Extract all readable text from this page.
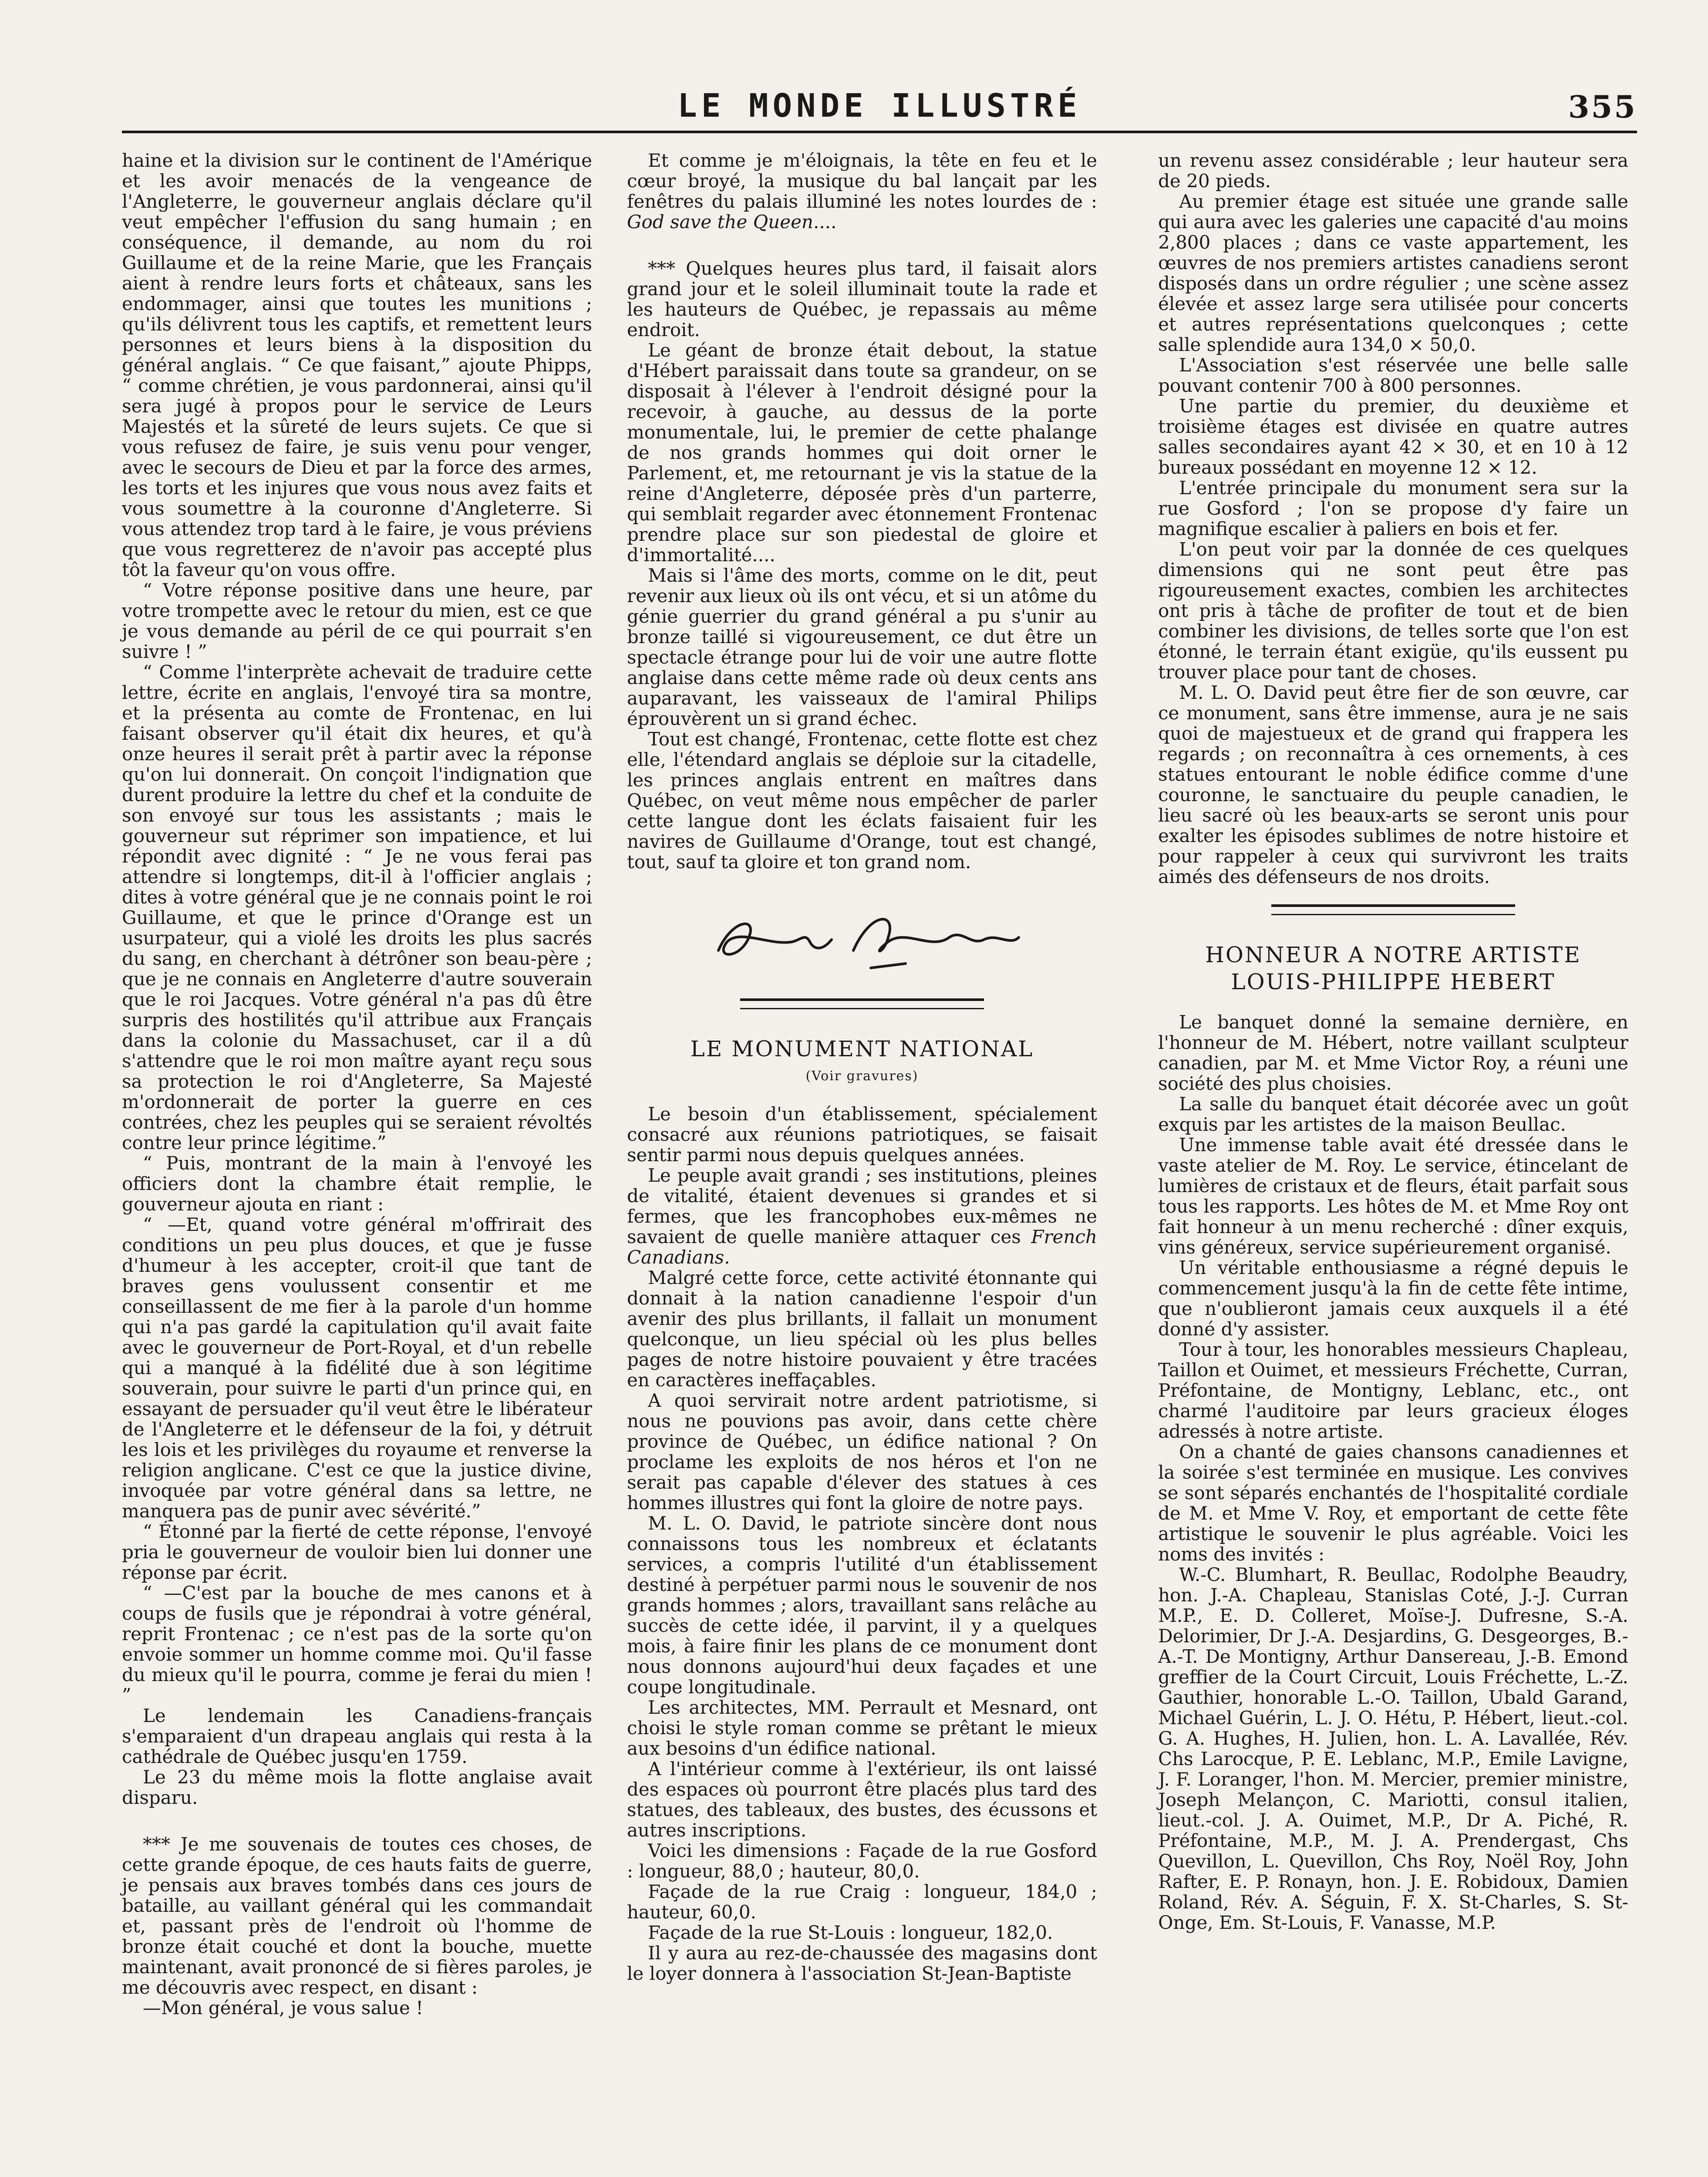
LE MONDE ILLUSTRÉ	355

haine et la division sur le continent de l'Amérique et les avoir menacés de la vengeance de l'Angleterre, le gouverneur anglais déclare qu'il veut empêcher l'effusion du sang humain ; en conséquence, il demande, au nom du roi Guillaume et de la reine Marie, que les Français aient à rendre leurs forts et châteaux, sans les endommager, ainsi que toutes les munitions ; qu'ils délivrent tous les captifs, et remettent leurs personnes et leurs biens à la disposition du général anglais. “ Ce que faisant,” ajoute Phipps, “ comme chrétien, je vous pardonnerai, ainsi qu'il sera jugé à propos pour le service de Leurs Majestés et la sûreté de leurs sujets. Ce que si vous refusez de faire, je suis venu pour venger, avec le secours de Dieu et par la force des armes, les torts et les injures que vous nous avez faits et vous soumettre à la couronne d'Angleterre. Si vous attendez trop tard à le faire, je vous préviens que vous regretterez de n'avoir pas accepté plus tôt la faveur qu'on vous offre.

“ Votre réponse positive dans une heure, par votre trompette avec le retour du mien, est ce que je vous demande au péril de ce qui pourrait s'en suivre ! ”

“ Comme l'interprète achevait de traduire cette lettre, écrite en anglais, l'envoyé tira sa montre, et la présenta au comte de Frontenac, en lui faisant observer qu'il était dix heures, et qu'à onze heures il serait prêt à partir avec la réponse qu'on lui donnerait. On conçoit l'indignation que durent produire la lettre du chef et la conduite de son envoyé sur tous les assistants ; mais le gouverneur sut réprimer son impatience, et lui répondit avec dignité : “ Je ne vous ferai pas attendre si longtemps, dit-il à l'officier anglais ; dites à votre général que je ne connais point le roi Guillaume, et que le prince d'Orange est un usurpateur, qui a violé les droits les plus sacrés du sang, en cherchant à détrôner son beau-père ; que je ne connais en Angleterre d'autre souverain que le roi Jacques. Votre général n'a pas dû être surpris des hostilités qu'il attribue aux Français dans la colonie du Massachuset, car il a dû s'attendre que le roi mon maître ayant reçu sous sa protection le roi d'Angleterre, Sa Majesté m'ordonnerait de porter la guerre en ces contrées, chez les peuples qui se seraient révoltés contre leur prince légitime.”

“ Puis, montrant de la main à l'envoyé les officiers dont la chambre était remplie, le gouverneur ajouta en riant :

“ —Et, quand votre général m'offrirait des conditions un peu plus douces, et que je fusse d'humeur à les accepter, croit-il que tant de braves gens voulussent consentir et me conseillassent de me fier à la parole d'un homme qui n'a pas gardé la capitulation qu'il avait faite avec le gouverneur de Port-Royal, et d'un rebelle qui a manqué à la fidélité due à son légitime souverain, pour suivre le parti d'un prince qui, en essayant de persuader qu'il veut être le libérateur de l'Angleterre et le défenseur de la foi, y détruit les lois et les privilèges du royaume et renverse la religion anglicane. C'est ce que la justice divine, invoquée par votre général dans sa lettre, ne manquera pas de punir avec sévérité.”

“ Étonné par la fierté de cette réponse, l'envoyé pria le gouverneur de vouloir bien lui donner une réponse par écrit.

“ —C'est par la bouche de mes canons et à coups de fusils que je répondrai à votre général, reprit Frontenac ; ce n'est pas de la sorte qu'on envoie sommer un homme comme moi. Qu'il fasse du mieux qu'il le pourra, comme je ferai du mien ! ”

Le lendemain les Canadiens-français s'emparaient d'un drapeau anglais qui resta à la cathédrale de Québec jusqu'en 1759.

Le 23 du même mois la flotte anglaise avait disparu.

*** Je me souvenais de toutes ces choses, de cette grande époque, de ces hauts faits de guerre, je pensais aux braves tombés dans ces jours de bataille, au vaillant général qui les commandait et, passant près de l'endroit où l'homme de bronze était couché et dont la bouche, muette maintenant, avait prononcé de si fières paroles, je me découvris avec respect, en disant :

—Mon général, je vous salue !

Et comme je m'éloignais, la tête en feu et le cœur broyé, la musique du bal lançait par les fenêtres du palais illuminé les notes lourdes de : God save the Queen....

*** Quelques heures plus tard, il faisait alors grand jour et le soleil illuminait toute la rade et les hauteurs de Québec, je repassais au même endroit.

Le géant de bronze était debout, la statue d'Hébert paraissait dans toute sa grandeur, on se disposait à l'élever à l'endroit désigné pour la recevoir, à gauche, au dessus de la porte monumentale, lui, le premier de cette phalange de nos grands hommes qui doit orner le Parlement, et, me retournant je vis la statue de la reine d'Angleterre, déposée près d'un parterre, qui semblait regarder avec étonnement Frontenac prendre place sur son piedestal de gloire et d'immortalité....

Mais si l'âme des morts, comme on le dit, peut revenir aux lieux où ils ont vécu, et si un atôme du génie guerrier du grand général a pu s'unir au bronze taillé si vigoureusement, ce dut être un spectacle étrange pour lui de voir une autre flotte anglaise dans cette même rade où deux cents ans auparavant, les vaisseaux de l'amiral Philips éprouvèrent un si grand échec.

Tout est changé, Frontenac, cette flotte est chez elle, l'étendard anglais se déploie sur la citadelle, les princes anglais entrent en maîtres dans Québec, on veut même nous empêcher de parler cette langue dont les éclats faisaient fuir les navires de Guillaume d'Orange, tout est changé, tout, sauf ta gloire et ton grand nom.

LE MONUMENT NATIONAL
(Voir gravures)

Le besoin d'un établissement, spécialement consacré aux réunions patriotiques, se faisait sentir parmi nous depuis quelques années.

Le peuple avait grandi ; ses institutions, pleines de vitalité, étaient devenues si grandes et si fermes, que les francophobes eux-mêmes ne savaient de quelle manière attaquer ces French Canadians.

Malgré cette force, cette activité étonnante qui donnait à la nation canadienne l'espoir d'un avenir des plus brillants, il fallait un monument quelconque, un lieu spécial où les plus belles pages de notre histoire pouvaient y être tracées en caractères ineffaçables.

A quoi servirait notre ardent patriotisme, si nous ne pouvions pas avoir, dans cette chère province de Québec, un édifice national ? On proclame les exploits de nos héros et l'on ne serait pas capable d'élever des statues à ces hommes illustres qui font la gloire de notre pays.

M. L. O. David, le patriote sincère dont nous connaissons tous les nombreux et éclatants services, a compris l'utilité d'un établissement destiné à perpétuer parmi nous le souvenir de nos grands hommes ; alors, travaillant sans relâche au succès de cette idée, il parvint, il y a quelques mois, à faire finir les plans de ce monument dont nous donnons aujourd'hui deux façades et une coupe longitudinale.

Les architectes, MM. Perrault et Mesnard, ont choisi le style roman comme se prêtant le mieux aux besoins d'un édifice national.

A l'intérieur comme à l'extérieur, ils ont laissé des espaces où pourront être placés plus tard des statues, des tableaux, des bustes, des écussons et autres inscriptions.

Voici les dimensions : Façade de la rue Gosford : longueur, 88,0 ; hauteur, 80,0.

Façade de la rue Craig : longueur, 184,0 ; hauteur, 60,0.

Façade de la rue St-Louis : longueur, 182,0.

Il y aura au rez-de-chaussée des magasins dont le loyer donnera à l'association St-Jean-Baptiste

un revenu assez considérable ; leur hauteur sera de 20 pieds.

Au premier étage est située une grande salle qui aura avec les galeries une capacité d'au moins 2,800 places ; dans ce vaste appartement, les œuvres de nos premiers artistes canadiens seront disposés dans un ordre régulier ; une scène assez élevée et assez large sera utilisée pour concerts et autres représentations quelconques ; cette salle splendide aura 134,0 × 50,0.

L'Association s'est réservée une belle salle pouvant contenir 700 à 800 personnes.

Une partie du premier, du deuxième et troisième étages est divisée en quatre autres salles secondaires ayant 42 × 30, et en 10 à 12 bureaux possédant en moyenne 12 × 12.

L'entrée principale du monument sera sur la rue Gosford ; l'on se propose d'y faire un magnifique escalier à paliers en bois et fer.

L'on peut voir par la donnée de ces quelques dimensions qui ne sont peut être pas rigoureusement exactes, combien les architectes ont pris à tâche de profiter de tout et de bien combiner les divisions, de telles sorte que l'on est étonné, le terrain étant exigüe, qu'ils eussent pu trouver place pour tant de choses.

M. L. O. David peut être fier de son œuvre, car ce monument, sans être immense, aura je ne sais quoi de majestueux et de grand qui frappera les regards ; on reconnaîtra à ces ornements, à ces statues entourant le noble édifice comme d'une couronne, le sanctuaire du peuple canadien, le lieu sacré où les beaux-arts se seront unis pour exalter les épisodes sublimes de notre histoire et pour rappeler à ceux qui survivront les traits aimés des défenseurs de nos droits.

HONNEUR A NOTRE ARTISTE LOUIS-PHILIPPE HEBERT

Le banquet donné la semaine dernière, en l'honneur de M. Hébert, notre vaillant sculpteur canadien, par M. et Mme Victor Roy, a réuni une société des plus choisies.

La salle du banquet était décorée avec un goût exquis par les artistes de la maison Beullac.

Une immense table avait été dressée dans le vaste atelier de M. Roy. Le service, étincelant de lumières de cristaux et de fleurs, était parfait sous tous les rapports. Les hôtes de M. et Mme Roy ont fait honneur à un menu recherché : dîner exquis, vins généreux, service supérieurement organisé.

Un véritable enthousiasme a régné depuis le commencement jusqu'à la fin de cette fête intime, que n'oublieront jamais ceux auxquels il a été donné d'y assister.

Tour à tour, les honorables messieurs Chapleau, Taillon et Ouimet, et messieurs Fréchette, Curran, Préfontaine, de Montigny, Leblanc, etc., ont charmé l'auditoire par leurs gracieux éloges adressés à notre artiste.

On a chanté de gaies chansons canadiennes et la soirée s'est terminée en musique. Les convives se sont séparés enchantés de l'hospitalité cordiale de M. et Mme V. Roy, et emportant de cette fête artistique le souvenir le plus agréable. Voici les noms des invités :

W.-C. Blumhart, R. Beullac, Rodolphe Beaudry, hon. J.-A. Chapleau, Stanislas Coté, J.-J. Curran M.P., E. D. Colleret, Moïse-J. Dufresne, S.-A. Delorimier, Dr J.-A. Desjardins, G. Desgeorges, B.-A.-T. De Montigny, Arthur Dansereau, J.-B. Emond greffier de la Court Circuit, Louis Fréchette, L.-Z. Gauthier, honorable L.-O. Taillon, Ubald Garand, Michael Guérin, L. J. O. Hétu, P. Hébert, lieut.-col. G. A. Hughes, H. Julien, hon. L. A. Lavallée, Rév. Chs Larocque, P. E. Leblanc, M.P., Emile Lavigne, J. F. Loranger, l'hon. M. Mercier, premier ministre, Joseph Melançon, C. Mariotti, consul italien, lieut.-col. J. A. Ouimet, M.P., Dr A. Piché, R. Préfontaine, M.P., M. J. A. Prendergast, Chs Quevillon, L. Quevillon, Chs Roy, Noël Roy, John Rafter, E. P. Ronayn, hon. J. E. Robidoux, Damien Roland, Rév. A. Séguin, F. X. St-Charles, S. St-Onge, Em. St-Louis, F. Vanasse, M.P.
